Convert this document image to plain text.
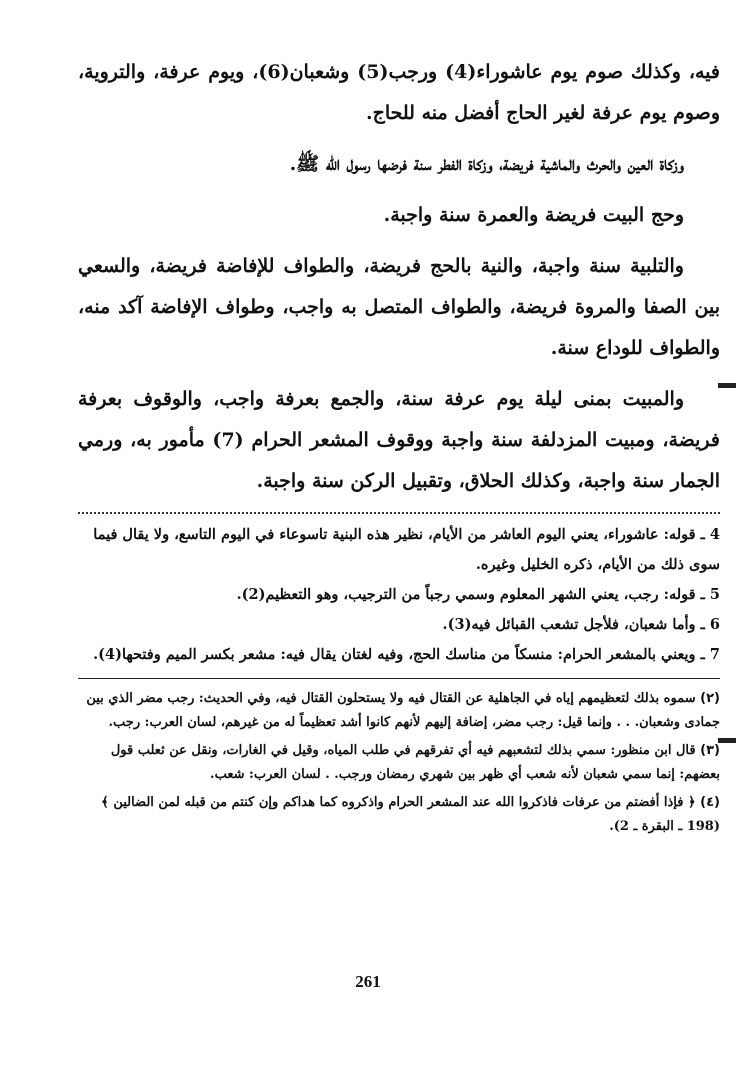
فيه، وكذلك صوم يوم عاشوراء(4) ورجب(5) وشعبان(6)، ويوم عرفة، والتروية، وصوم يوم عرفة لغير الحاج أفضل منه للحاج.

وزكاة العين والحرث والماشية فريضة، وزكاة الفطر سنة فرضها رسول الله ﷺ.

وحج البيت فريضة والعمرة سنة واجبة.

والتلبية سنة واجبة، والنية بالحج فريضة، والطواف للإفاضة فريضة، والسعي بين الصفا والمروة فريضة، والطواف المتصل به واجب، وطواف الإفاضة آكد منه، والطواف للوداع سنة.

والمبيت بمنى ليلة يوم عرفة سنة، والجمع بعرفة واجب، والوقوف بعرفة فريضة، ومبيت المزدلفة سنة واجبة ووقوف المشعر الحرام (7) مأمور به، ورمي الجمار سنة واجبة، وكذلك الحلاق، وتقبيل الركن سنة واجبة.

4 ـ قوله: عاشوراء، يعني اليوم العاشر من الأيام، نظير هذه البنية تاسوعاء في اليوم التاسع، ولا يقال فيما سوى ذلك من الأيام، ذكره الخليل وغيره.

5 ـ قوله: رجب، يعني الشهر المعلوم وسمي رجباً من الترجيب، وهو التعظيم(2).

6 ـ وأما شعبان، فلأجل تشعب القبائل فيه(3).

7 ـ ويعني بالمشعر الحرام: منسكاً من مناسك الحج، وفيه لغتان يقال فيه: مشعر بكسر الميم وفتحها(4).

(٢) سموه بذلك لتعظيمهم إياه في الجاهلية عن القتال فيه ولا يستحلون القتال فيه، وفي الحديث: رجب مضر الذي بين جمادى وشعبان. . . وإنما قيل: رجب مضر، إضافة إليهم لأنهم كانوا أشد تعظيماً له من غيرهم، لسان العرب: رجب.

(٣) قال ابن منظور: سمي بذلك لتشعبهم فيه أي تفرقهم في طلب المياه، وقيل في الغارات، ونقل عن ثعلب قول بعضهم: إنما سمي شعبان لأنه شعب أي ظهر بين شهري رمضان ورجب. . لسان العرب: شعب.

(٤) ﴿ فإذا أفضتم من عرفات فاذكروا الله عند المشعر الحرام واذكروه كما هداكم وإن كنتم من قبله لمن الضالين ﴾ (198 ـ البقرة ـ 2).

261
